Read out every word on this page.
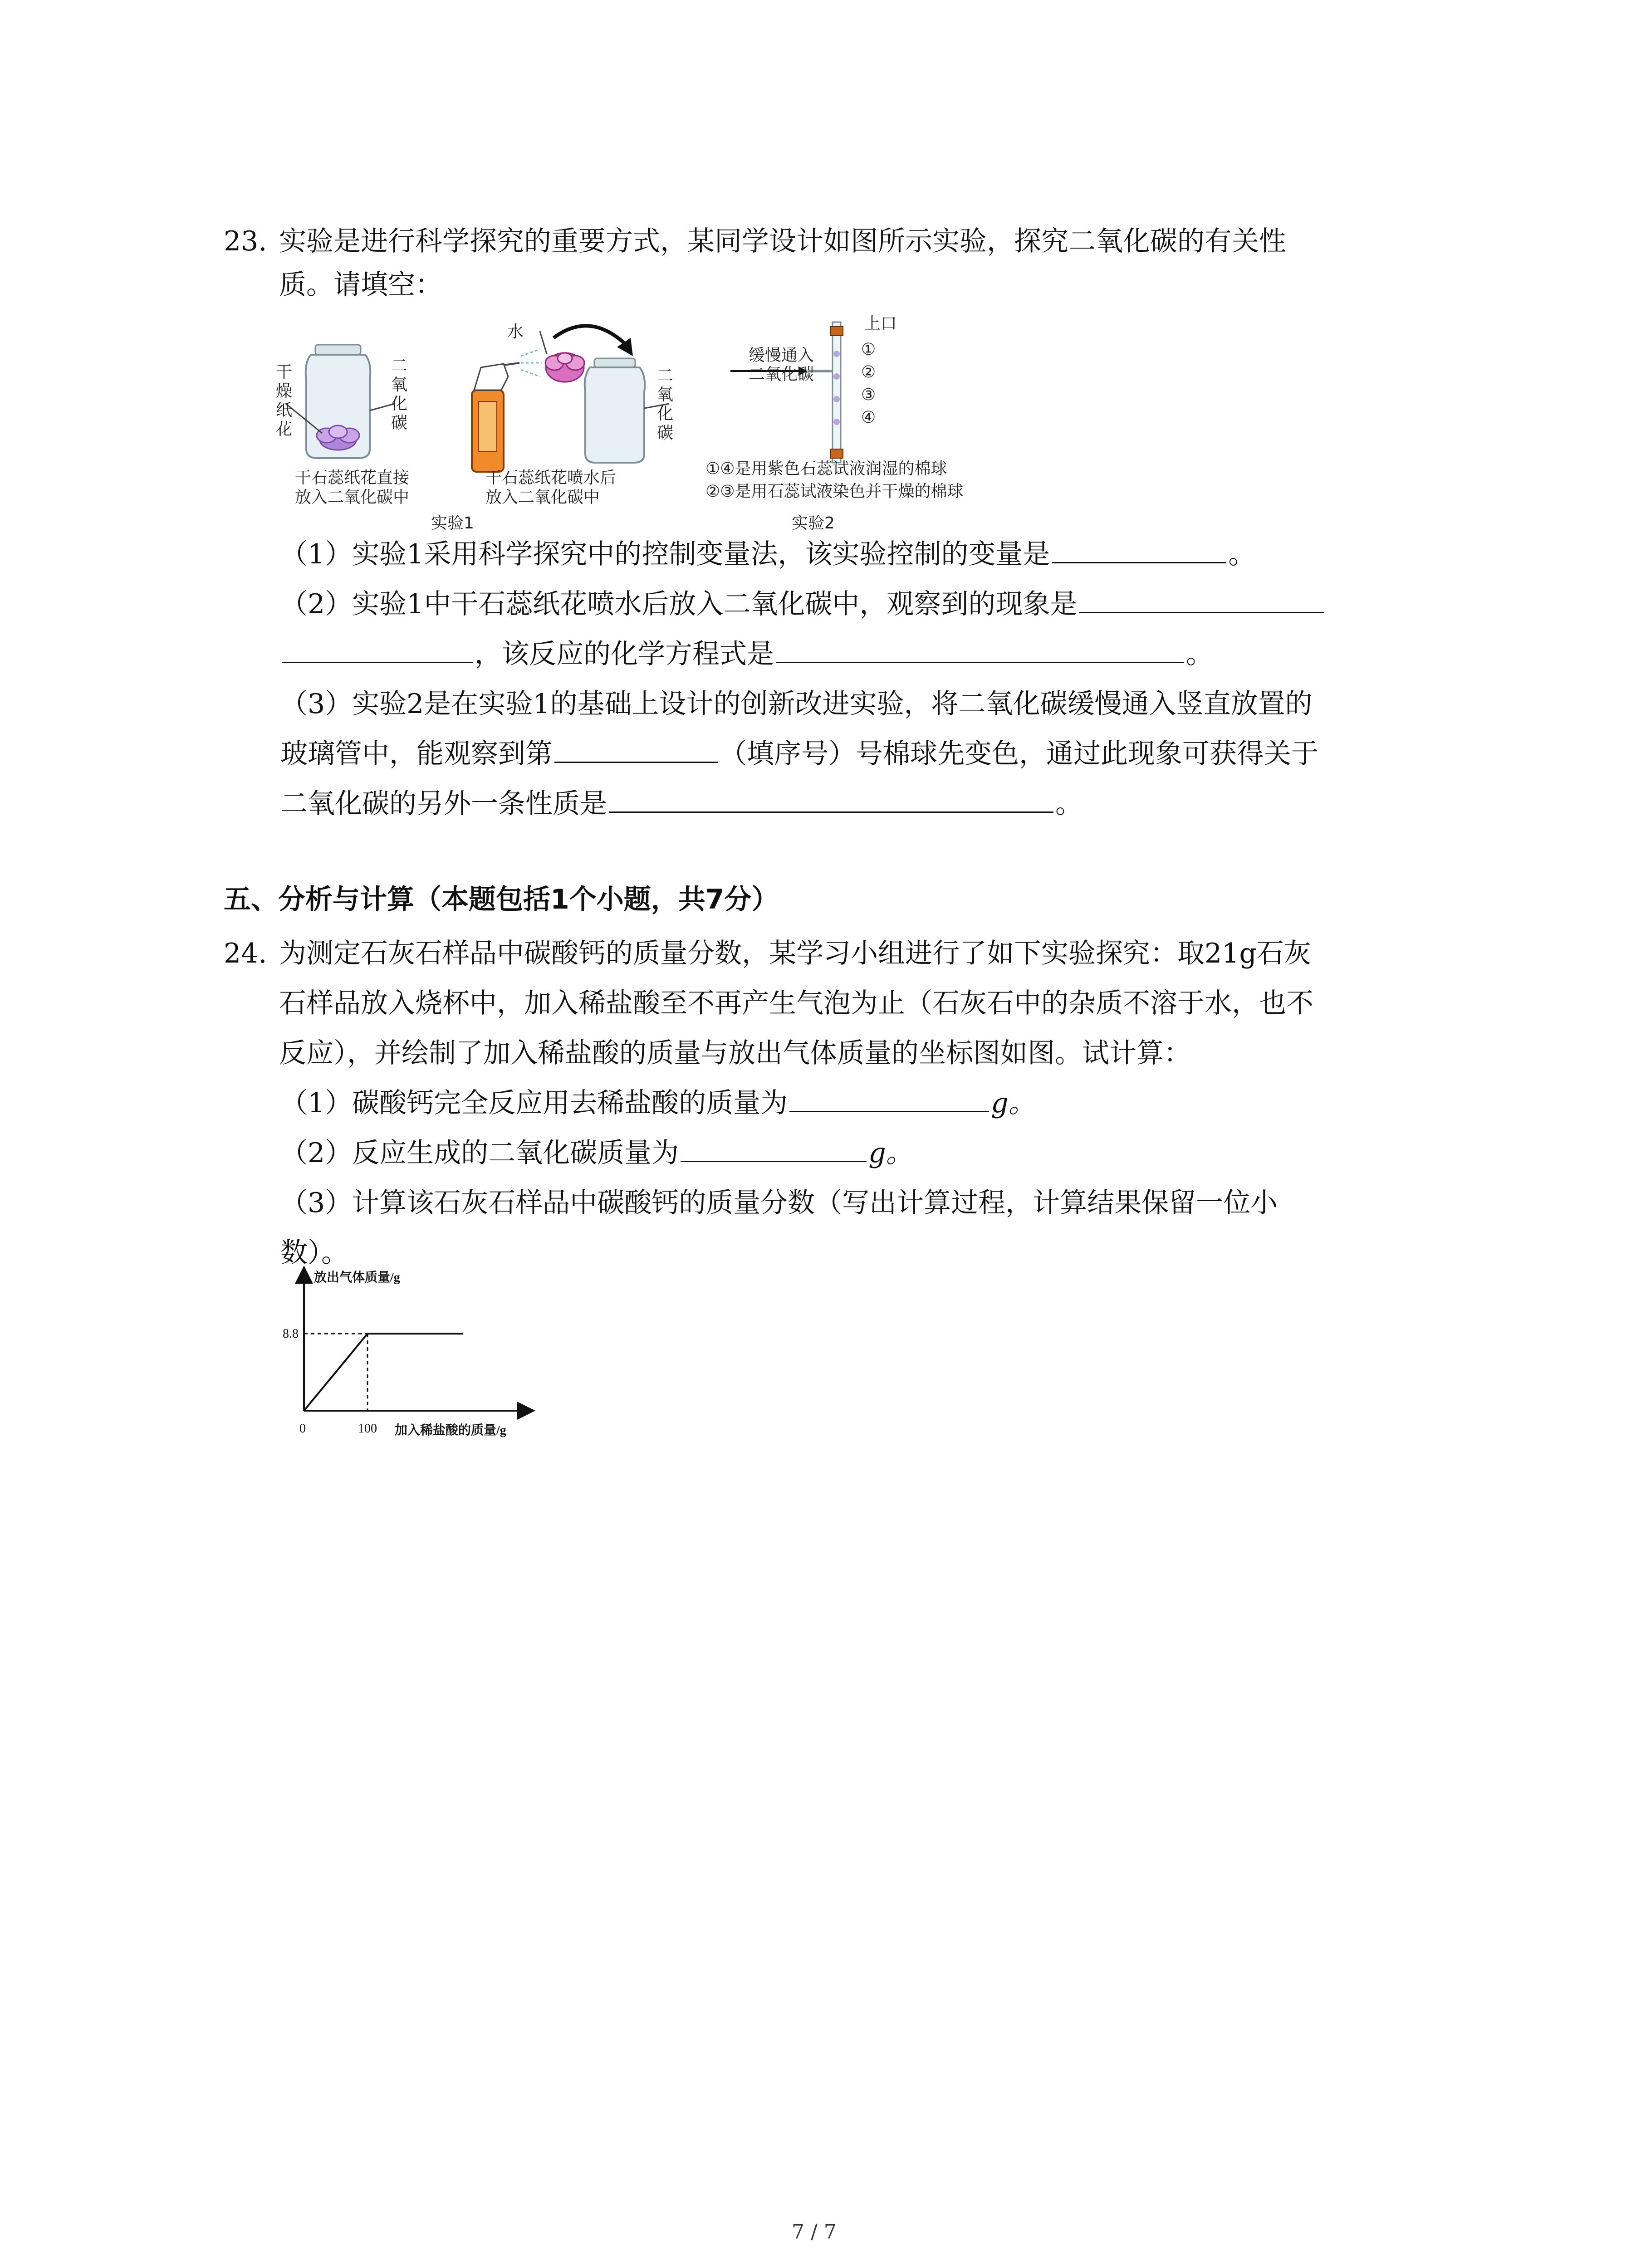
23. 实验是进行科学探究的重要方式，某同学设计如图所示实验，探究二氧化碳的有关性
质。请填空：
干燥纸花
二氧化碳
水
二氧化碳
干石蕊纸花直接
放入二氧化碳中
干石蕊纸花喷水后
放入二氧化碳中
实验1
上口
缓慢通入
二氧化碳
①
②
③
④
①④是用紫色石蕊试液润湿的棉球
②③是用石蕊试液染色并干燥的棉球
实验2
（1）实验1采用科学探究中的控制变量法，该实验控制的变量是	。
（2）实验1中干石蕊纸花喷水后放入二氧化碳中，观察到的现象是
，该反应的化学方程式是	。
（3）实验2是在实验1的基础上设计的创新改进实验，将二氧化碳缓慢通入竖直放置的
玻璃管中，能观察到第	（填序号）号棉球先变色，通过此现象可获得关于
二氧化碳的另外一条性质是	。
五、分析与计算（本题包括1个小题，共7分）
24. 为测定石灰石样品中碳酸钙的质量分数，某学习小组进行了如下实验探究：取21g石灰
石样品放入烧杯中，加入稀盐酸至不再产生气泡为止（石灰石中的杂质不溶于水，也不
反应），并绘制了加入稀盐酸的质量与放出气体质量的坐标图如图。试计算：
（1）碳酸钙完全反应用去稀盐酸的质量为	g。
（2）反应生成的二氧化碳质量为	g。
（3）计算该石灰石样品中碳酸钙的质量分数（写出计算过程，计算结果保留一位小
数）。
放出气体质量/g
加入稀盐酸的质量/g
0	100
8.8
7 / 7
